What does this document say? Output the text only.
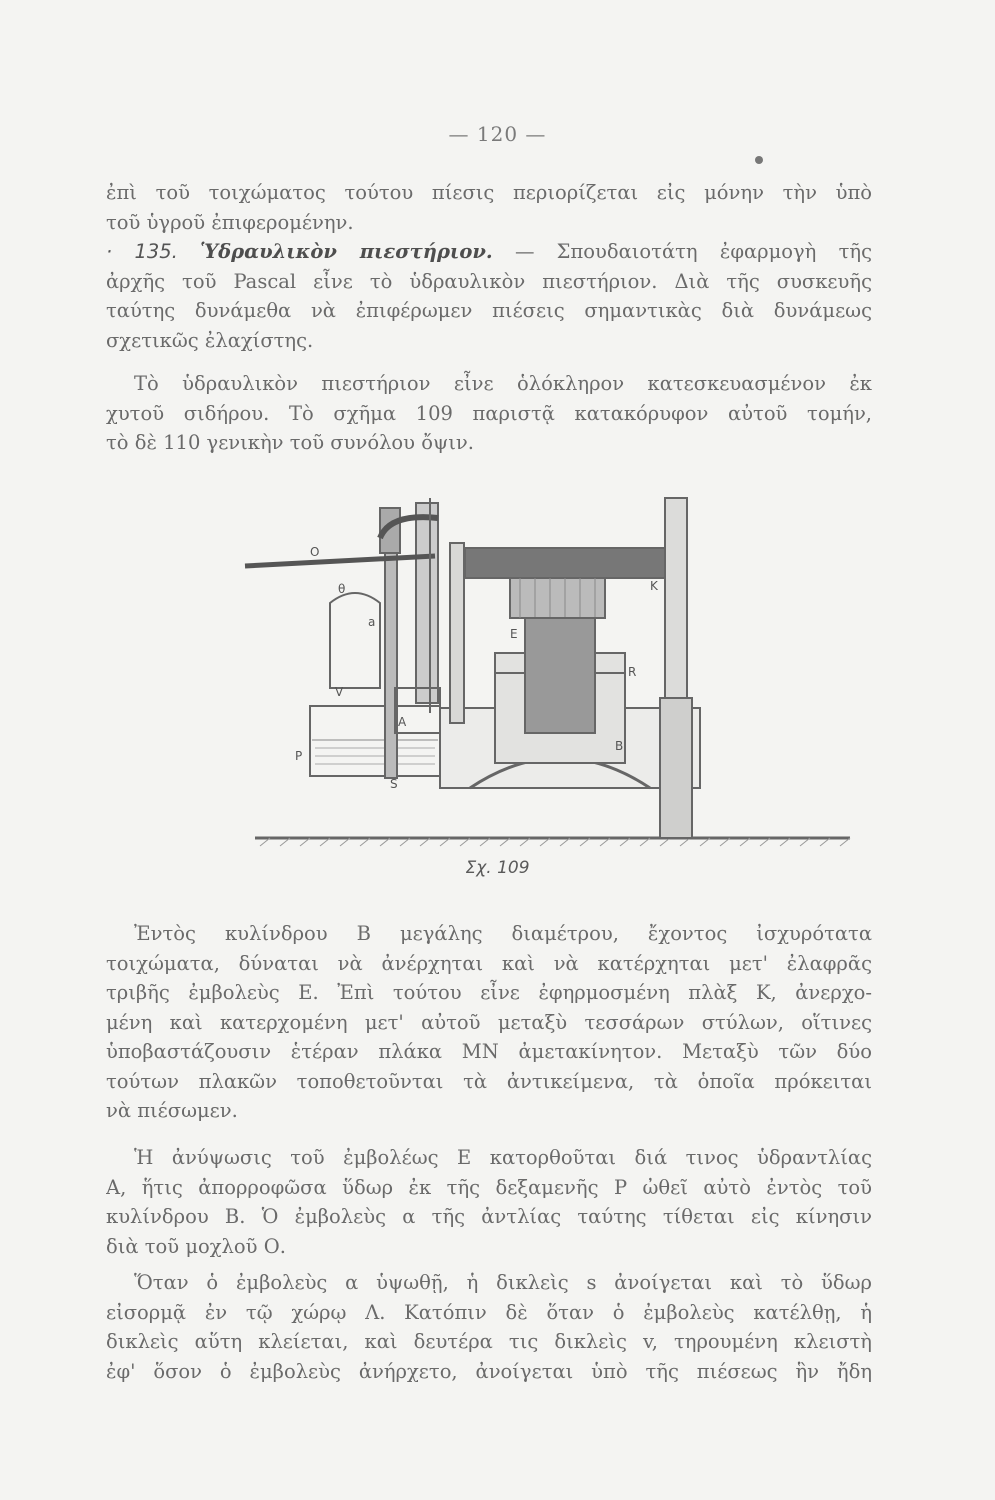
— 120 —
ἐπὶ τοῦ τοιχώματος τούτου πίεσις περιορίζεται εἰς μόνην τὴν ὑπὸ
τοῦ ὑγροῦ ἐπιφερομένην.
· 135. Ὑδραυλικὸν πιεστήριον. — Σπουδαιοτάτη ἐφαρμογὴ τῆς
ἀρχῆς τοῦ Pascal εἶνε τὸ ὑδραυλικὸν πιεστήριον. Διὰ τῆς συσκευῆς
ταύτης δυνάμεθα νὰ ἐπιφέρωμεν πιέσεις σημαντικὰς διὰ δυνάμεως
σχετικῶς ἐλαχίστης.
Τὸ ὑδραυλικὸν πιεστήριον εἶνε ὁλόκληρον κατεσκευασμένον ἐκ
χυτοῦ σιδήρου. Τὸ σχῆμα 109 παριστᾷ κατακόρυφον αὐτοῦ τομήν,
τὸ δὲ 110 γενικὴν τοῦ συνόλου ὄψιν.
O
θ
a
E
K
R
B
P
A
S
V
Σχ. 109
Ἐντὸς κυλίνδρου Β μεγάλης διαμέτρου, ἔχοντος ἰσχυρότατα
τοιχώματα, δύναται νὰ ἀνέρχηται καὶ νὰ κατέρχηται μετ' ἐλαφρᾶς
τριβῆς ἐμβολεὺς Ε. Ἐπὶ τούτου εἶνε ἐφηρμοσμένη πλὰξ Κ, ἀνερχο-
μένη καὶ κατερχομένη μετ' αὐτοῦ μεταξὺ τεσσάρων στύλων, οἵτινες
ὑποβαστάζουσιν ἑτέραν πλάκα ΜΝ ἀμετακίνητον. Μεταξὺ τῶν δύο
τούτων πλακῶν τοποθετοῦνται τὰ ἀντικείμενα, τὰ ὁποῖα πρόκειται
νὰ πιέσωμεν.
Ἡ ἀνύψωσις τοῦ ἐμβολέως Ε κατορθοῦται διά τινος ὑδραντλίας
Α, ἥτις ἀπορροφῶσα ὕδωρ ἐκ τῆς δεξαμενῆς Ρ ὠθεῖ αὐτὸ ἐντὸς τοῦ
κυλίνδρου Β. Ὁ ἐμβολεὺς α τῆς ἀντλίας ταύτης τίθεται εἰς κίνησιν
διὰ τοῦ μοχλοῦ Ο.
Ὅταν ὁ ἐμβολεὺς α ὑψωθῇ, ἡ δικλεὶς s ἀνοίγεται καὶ τὸ ὕδωρ
εἰσορμᾷ ἐν τῷ χώρῳ Λ. Κατόπιν δὲ ὅταν ὁ ἐμβολεὺς κατέλθῃ, ἡ
δικλεὶς αὕτη κλείεται, καὶ δευτέρα τις δικλεὶς v, τηρουμένη κλειστὴ
ἐφ' ὅσον ὁ ἐμβολεὺς ἀνήρχετο, ἀνοίγεται ὑπὸ τῆς πιέσεως ἣν ἤδη
